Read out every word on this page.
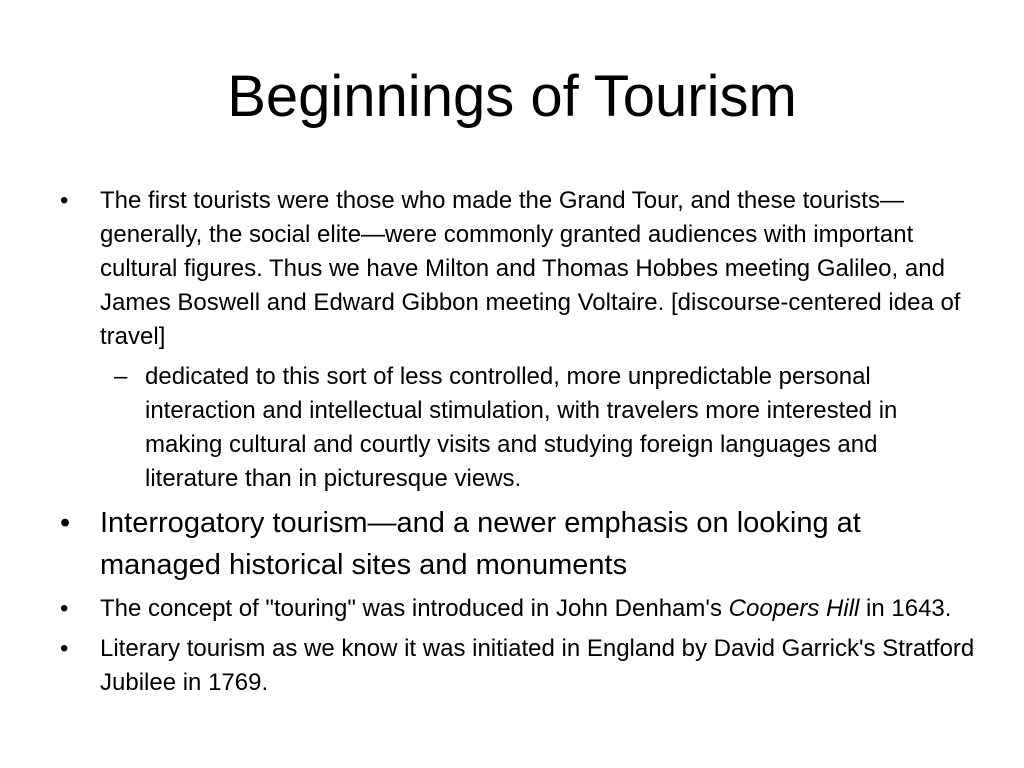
Beginnings of Tourism
• The first tourists were those who made the Grand Tour, and these tourists—generally, the social elite—were commonly granted audiences with important cultural figures. Thus we have Milton and Thomas Hobbes meeting Galileo, and James Boswell and Edward Gibbon meeting Voltaire. [discourse-centered idea of travel]
– dedicated to this sort of less controlled, more unpredictable personal interaction and intellectual stimulation, with travelers more interested in making cultural and courtly visits and studying foreign languages and literature than in picturesque views.
• Interrogatory tourism—and a newer emphasis on looking at managed historical sites and monuments
• The concept of "touring" was introduced in John Denham's Coopers Hill in 1643.
• Literary tourism as we know it was initiated in England by David Garrick's Stratford Jubilee in 1769.
